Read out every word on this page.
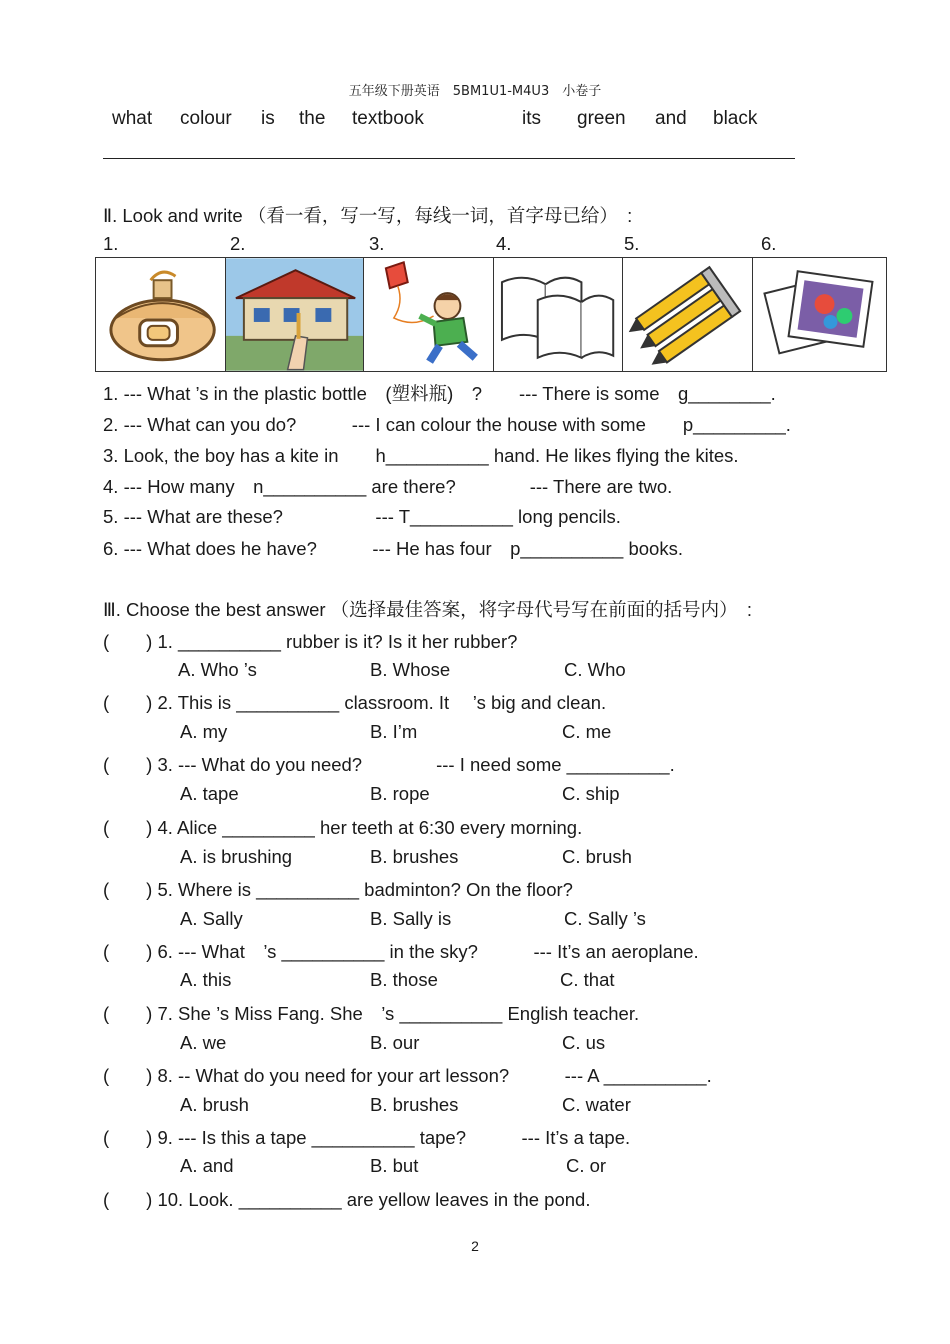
五年级下册英语　5BM1U1-M4U3　小卷子
what colour is the textbook	its green and black
Ⅱ. Look and write （看一看，写一写，每线一词，首字母已给）　:
1.	2.	3.	4.	5.	6.
1. --- What ’s in the plastic bottle　(塑料瓶)　?　　--- There is some　g________.
2. --- What can you do?　　　--- I can colour the house with some　　p_________.
3. Look, the boy has a kite in　　h__________ hand. He likes flying the kites.
4. --- How many　n__________ are there?　　　　--- There are two.
5. --- What are these?　　　　　--- T__________ long pencils.
6. --- What does he have?　　　--- He has four　p__________ books.
Ⅲ. Choose the best answer （选择最佳答案，将字母代号写在前面的括号内）　:
(　　) 1. __________ rubber is it? Is it her rubber?
A. Who ’s	B. Whose	C. Who
(　　) 2. This is __________ classroom. It　 ’s big and clean.
A. my	B. I’m	C. me
(　　) 3. --- What do you need?　　　　--- I need some __________.
A. tape	B. rope	C. ship
(　　) 4. Alice _________ her teeth at 6:30 every morning.
A. is brushing	B. brushes	C. brush
(　　) 5. Where is __________ badminton? On the floor?
A. Sally	B. Sally is	C. Sally ’s
(　　) 6. --- What　’s __________ in the sky?　　　--- It’s an aeroplane.
A. this	B. those	C. that
(　　) 7. She ’s Miss Fang. She　’s __________ English teacher.
A. we	B. our	C. us
(　　) 8. -- What do you need for your art lesson?　　　--- A __________.
A. brush	B. brushes	C. water
(　　) 9. --- Is this a tape __________ tape?　　　--- It’s a tape.
A. and	B. but	C. or
(　　) 10. Look. __________ are yellow leaves in the pond.
2
